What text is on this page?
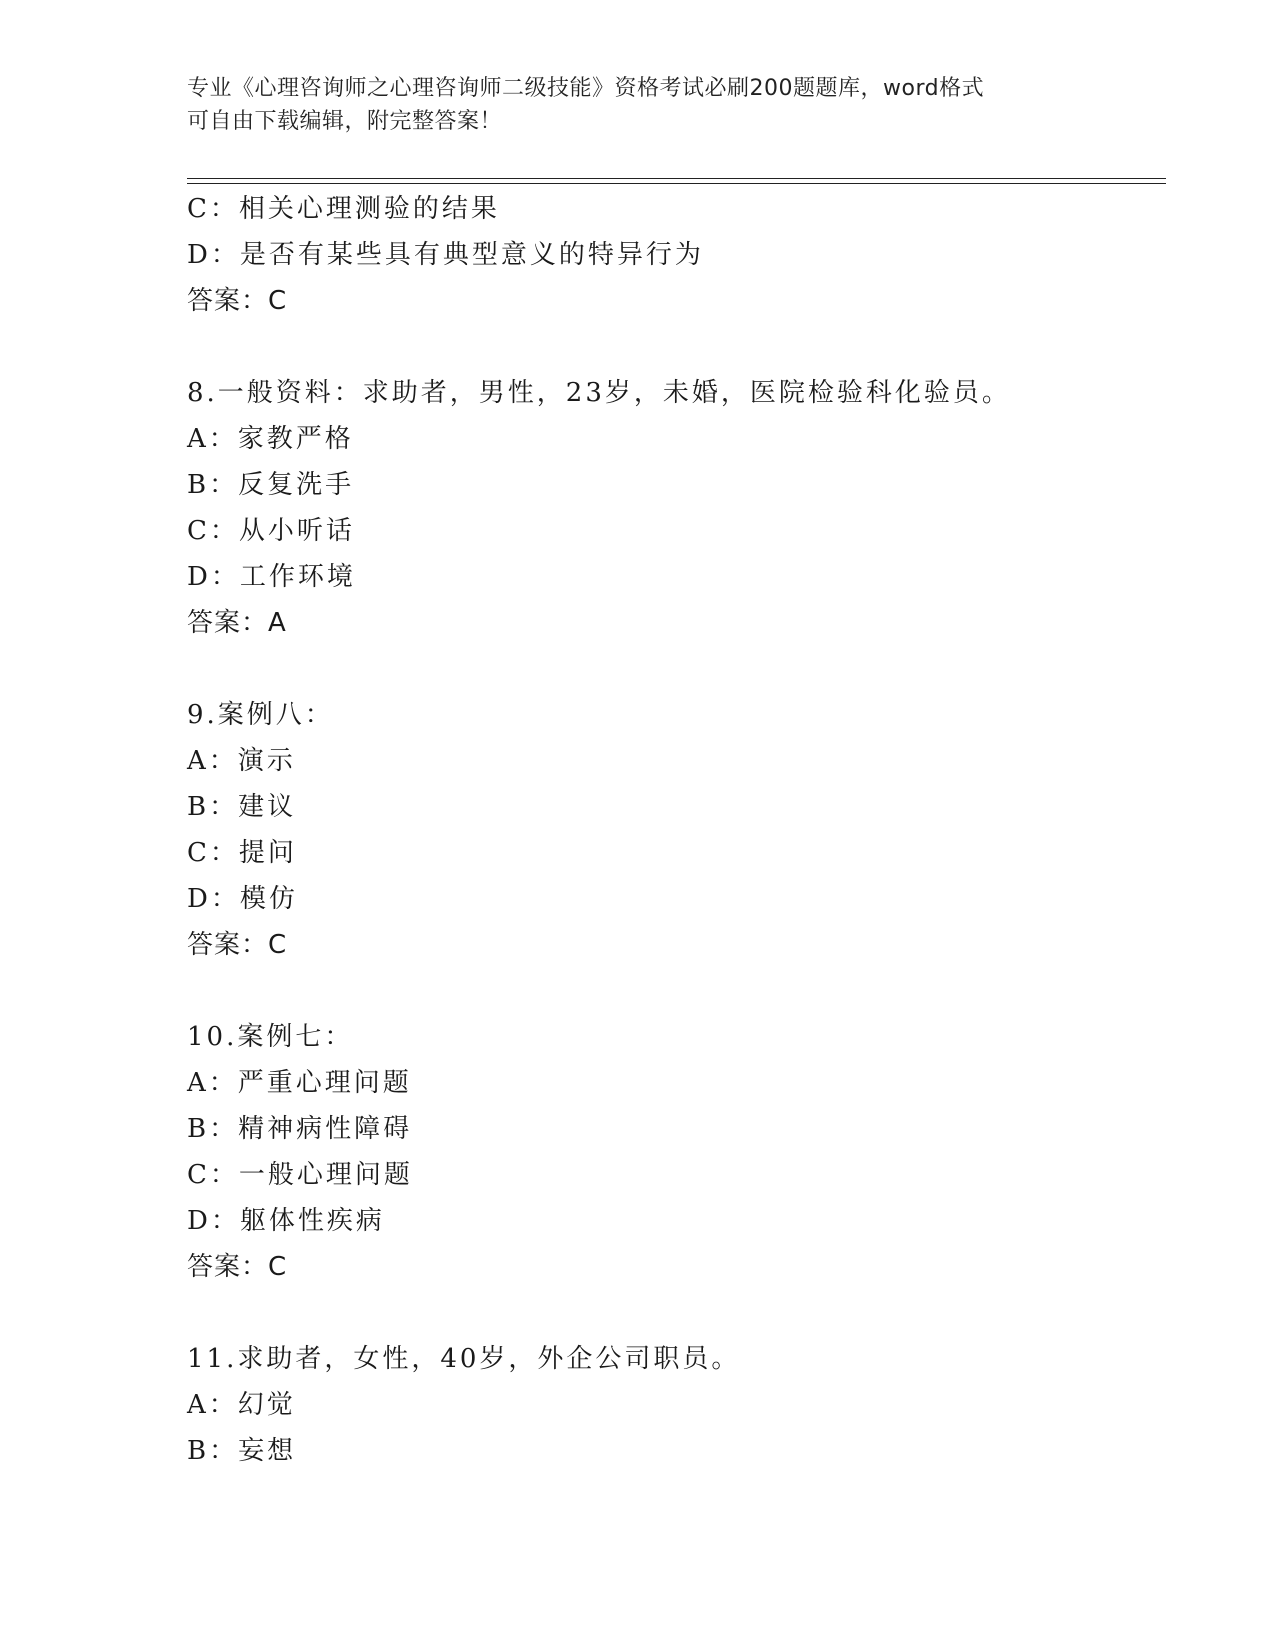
专业《心理咨询师之心理咨询师二级技能》资格考试必刷200题题库，word格式
可自由下载编辑，附完整答案！
C：相关心理测验的结果
D：是否有某些具有典型意义的特异行为
答案：C
8.一般资料：求助者，男性，23岁，未婚，医院检验科化验员。
A：家教严格
B：反复洗手
C：从小听话
D：工作环境
答案：A
9.案例八：
A：演示
B：建议
C：提问
D：模仿
答案：C
10.案例七：
A：严重心理问题
B：精神病性障碍
C：一般心理问题
D：躯体性疾病
答案：C
11.求助者，女性，40岁，外企公司职员。
A：幻觉
B：妄想
